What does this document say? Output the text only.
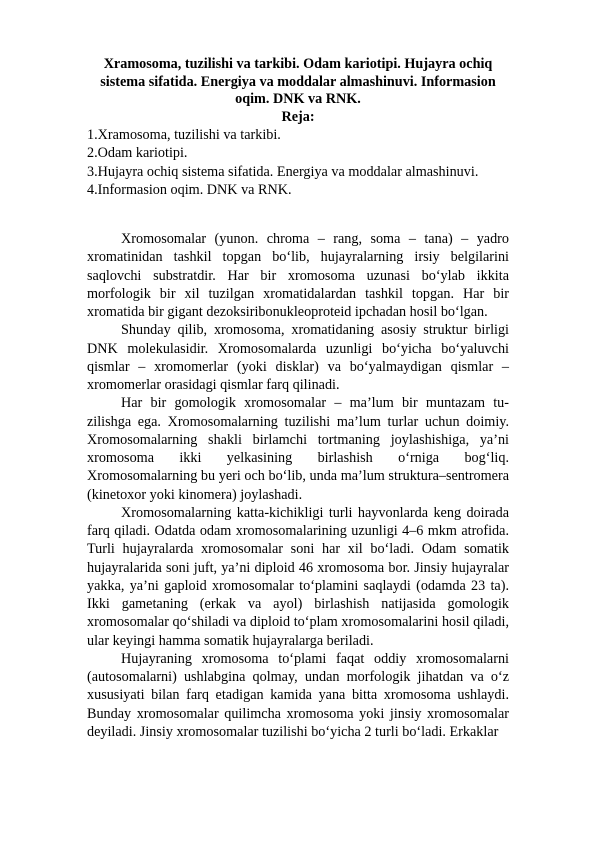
Xramosoma, tuzilishi va tarkibi. Odam kariotipi. Hujayra ochiq sistema sifatida. Energiya va moddalar almashinuvi. Informasion oqim. DNK va RNK.
Reja:
1.Xramosoma, tuzilishi va tarkibi.
2.Odam kariotipi.
3.Hujayra ochiq sistema sifatida. Energiya va moddalar almashinuvi.
4.Informasion oqim. DNK va RNK.

Xromosomalar (yunon. chroma – rang, soma – tana) – yadro xromatinidan tashkil topgan bo‘lib, hujayralarning irsiy belgilarini saqlovchi substratdir. Har bir xromosoma uzunasi bo‘ylab ikkita morfologik bir xil tuzilgan xromatidalardan tashkil topgan. Har bir xromatida bir gigant dezoksiribonukleoproteid ipchadan hosil bo‘lgan.

Shunday qilib, xromosoma, xromatidaning asosiy struktur birligi DNK molekulasidir. Xromosomalarda uzunligi bo‘yicha bo‘yaluvchi qismlar – xromomerlar (yoki disklar) va bo‘yalmaydigan qismlar – xromomerlar orasidagi qismlar farq qilinadi.

Har bir gomologik xromosomalar – ma’lum bir muntazam tu-zilishga ega. Xromosomalarning tuzilishi ma’lum turlar uchun doimiy. Xromosomalarning shakli birlamchi tortmaning joylashishiga, ya’ni xromosoma ikki yelkasining birlashish o‘rniga bog‘liq. Xromosomalarning bu yeri och bo‘lib, unda ma’lum struktura–sentromera (kinetoxor yoki kinomera) joylashadi.

Xromosomalarning katta-kichikligi turli hayvonlarda keng doirada farq qiladi. Odatda odam xromosomalarining uzunligi 4–6 mkm atrofida. Turli hujayralarda xromosomalar soni har xil bo‘ladi. Odam somatik hujayralarida soni juft, ya’ni diploid 46 xromosoma bor. Jinsiy hujayralar yakka, ya’ni gaploid xromosomalar to‘plamini saqlaydi (odamda 23 ta). Ikki gametaning (erkak va ayol) birlashish natijasida gomologik xromosomalar qo‘shiladi va diploid to‘plam xromosomalarini hosil qiladi, ular keyingi hamma somatik hujayralarga beriladi.

Hujayraning xromosoma to‘plami faqat oddiy xromosomalarni (autosomalarni) ushlabgina qolmay, undan morfologik jihatdan va o‘z xususiyati bilan farq etadigan kamida yana bitta xromosoma ushlaydi. Bunday xromosomalar quilimcha xromosoma yoki jinsiy xromosomalar deyiladi. Jinsiy xromosomalar tuzilishi bo‘yicha 2 turli bo‘ladi. Erkaklar
